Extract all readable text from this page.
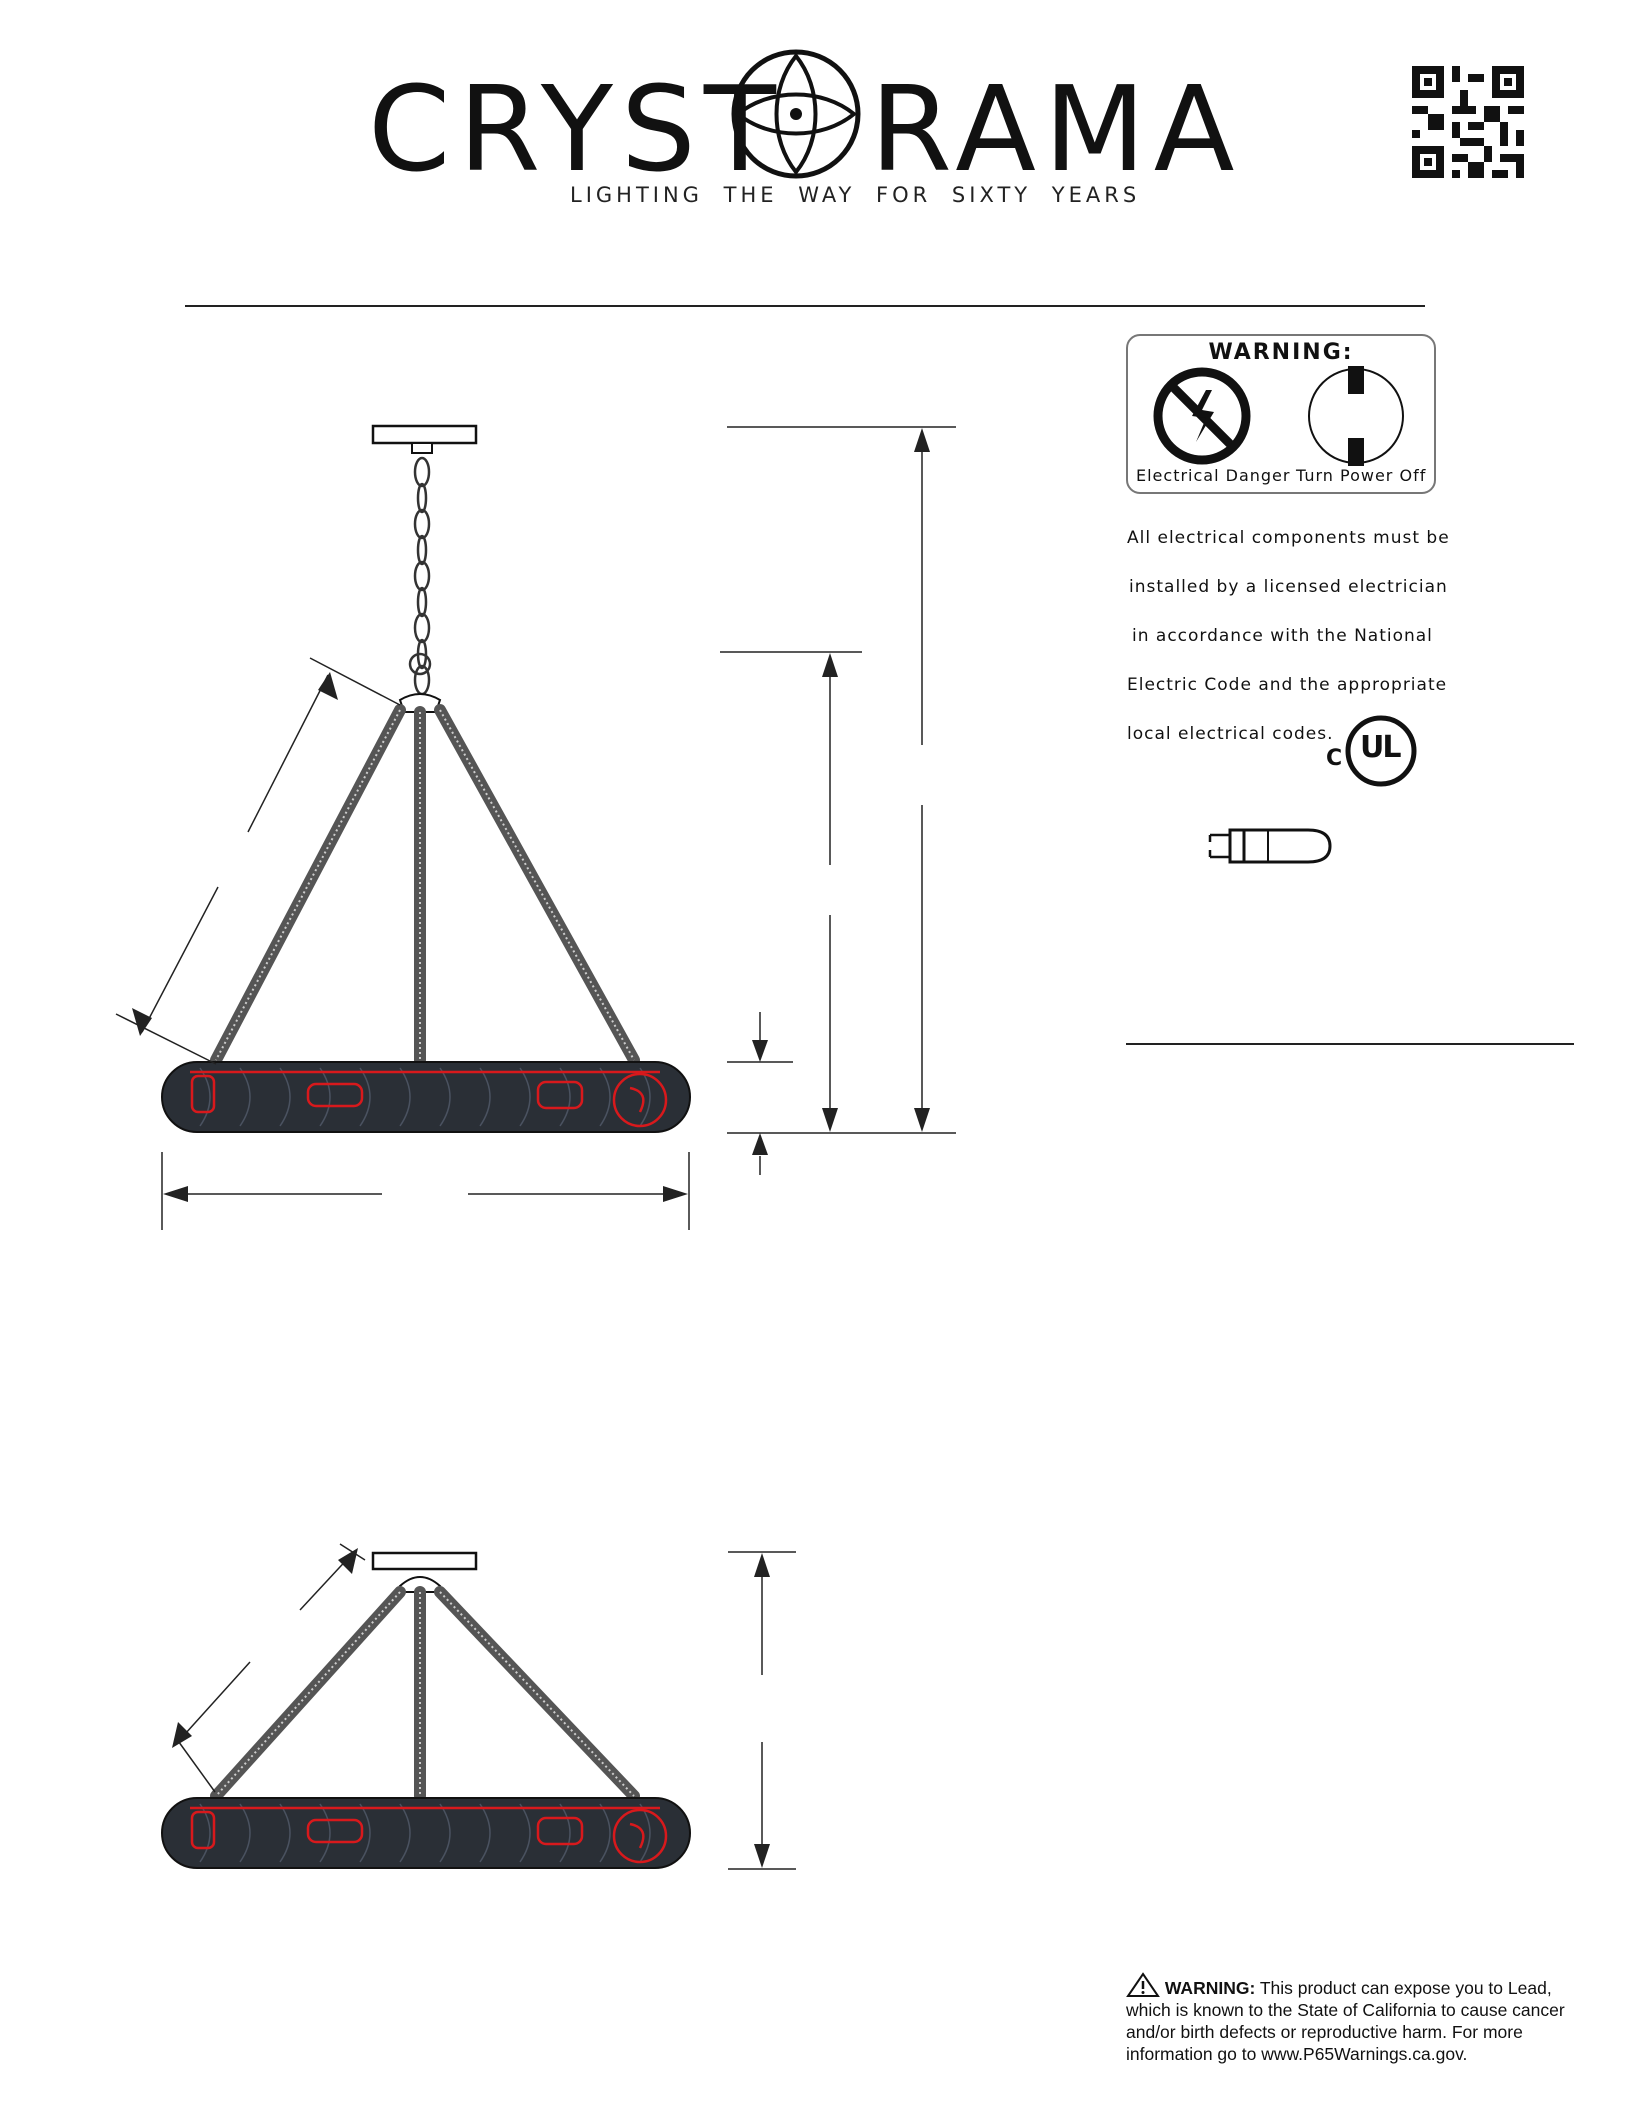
CRYST RAMA
LIGHTING THE WAY FOR SIXTY YEARS
WARNING:
Electrical Danger Turn Power Off
All electrical components must be
installed by a licensed electrician
in accordance with the National
Electric Code and the appropriate
local electrical codes.
C UL
WARNING: This product can expose you to Lead,
which is known to the State of California to cause cancer
and/or birth defects or reproductive harm. For more
information go to www.P65Warnings.ca.gov.
